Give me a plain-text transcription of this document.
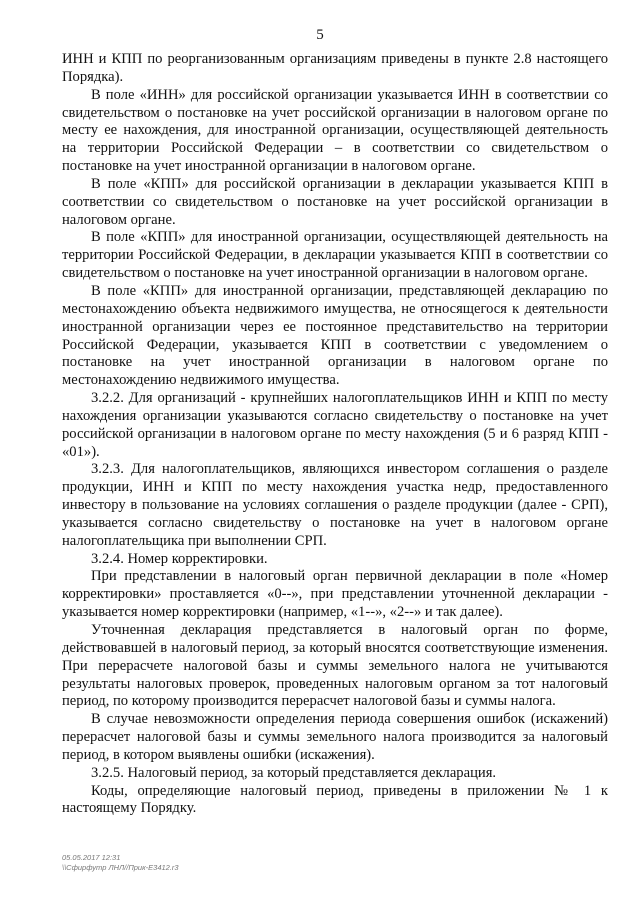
5

ИНН и КПП по реорганизованным организациям приведены в пункте 2.8 настоящего Порядка).

В поле «ИНН» для российской организации указывается ИНН в соответствии со свидетельством о постановке на учет российской организации в налоговом органе по месту ее нахождения, для иностранной организации, осуществляющей деятельность на территории Российской Федерации – в соответствии со свидетельством о постановке на учет иностранной организации в налоговом органе.

В поле «КПП» для российской организации в декларации указывается КПП в соответствии со свидетельством о постановке на учет российской организации в налоговом органе.

В поле «КПП» для иностранной организации, осуществляющей деятельность на территории Российской Федерации, в декларации указывается КПП в соответствии со свидетельством о постановке на учет иностранной организации в налоговом органе.

В поле «КПП» для иностранной организации, представляющей декларацию по местонахождению объекта недвижимого имущества, не относящегося к деятельности иностранной организации через ее постоянное представительство на территории Российской Федерации, указывается КПП в соответствии с уведомлением о постановке на учет иностранной организации в налоговом органе по местонахождению недвижимого имущества.

3.2.2. Для организаций - крупнейших налогоплательщиков ИНН и КПП по месту нахождения организации указываются согласно свидетельству о постановке на учет российской организации в налоговом органе по месту нахождения (5 и 6 разряд КПП - «01»).

3.2.3. Для налогоплательщиков, являющихся инвестором соглашения о разделе продукции, ИНН и КПП по месту нахождения участка недр, предоставленного инвестору в пользование на условиях соглашения о разделе продукции (далее - СРП), указывается согласно свидетельству о постановке на учет в налоговом органе налогоплательщика при выполнении СРП.

3.2.4. Номер корректировки.

При представлении в налоговый орган первичной декларации в поле «Номер корректировки» проставляется «0--», при представлении уточненной декларации - указывается номер корректировки (например, «1--», «2--» и так далее).

Уточненная декларация представляется в налоговый орган по форме, действовавшей в налоговый период, за который вносятся соответствующие изменения. При перерасчете налоговой базы и суммы земельного налога не учитываются результаты налоговых проверок, проведенных налоговым органом за тот налоговый период, по которому производится перерасчет налоговой базы и суммы налога.

В случае невозможности определения периода совершения ошибок (искажений) перерасчет налоговой базы и суммы земельного налога производится за налоговый период, в котором выявлены ошибки (искажения).

3.2.5. Налоговый период, за который представляется декларация.

Коды, определяющие налоговый период, приведены в приложении № 1 к настоящему Порядку.

05.05.2017 12:31
\\Сфирфутр ЛНЛ//Прик-Е3412.r3
